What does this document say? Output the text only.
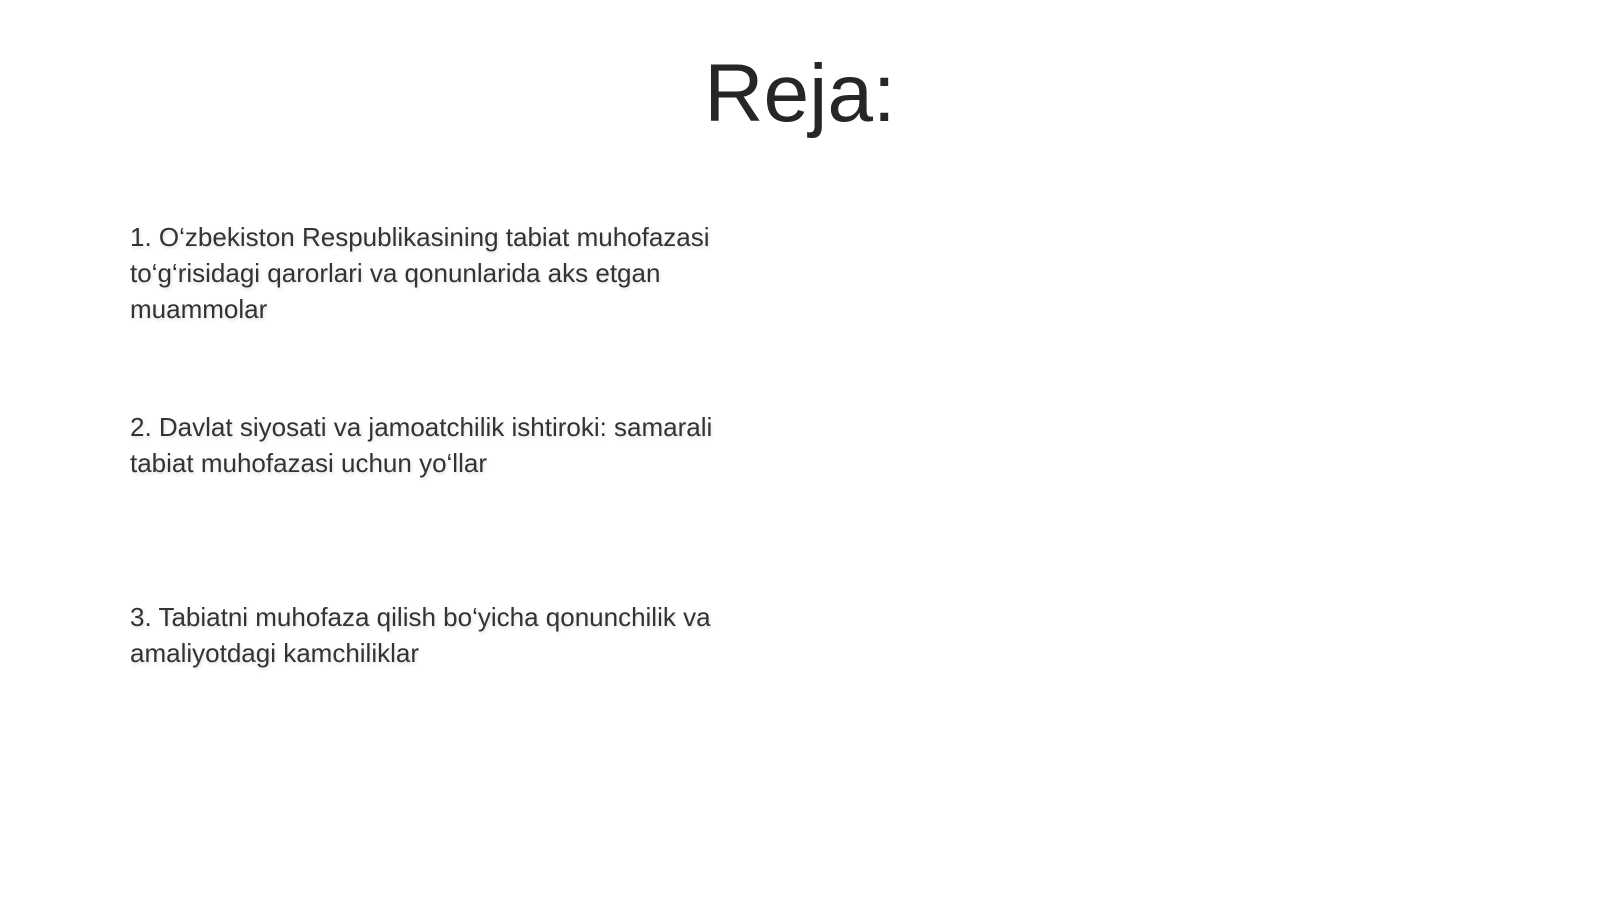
Reja:

1. O‘zbekiston Respublikasining tabiat muhofazasi to‘g‘risidagi qarorlari va qonunlarida aks etgan muammolar

2. Davlat siyosati va jamoatchilik ishtiroki: samarali tabiat muhofazasi uchun yo‘llar

3. Tabiatni muhofaza qilish bo‘yicha qonunchilik va amaliyotdagi kamchiliklar
